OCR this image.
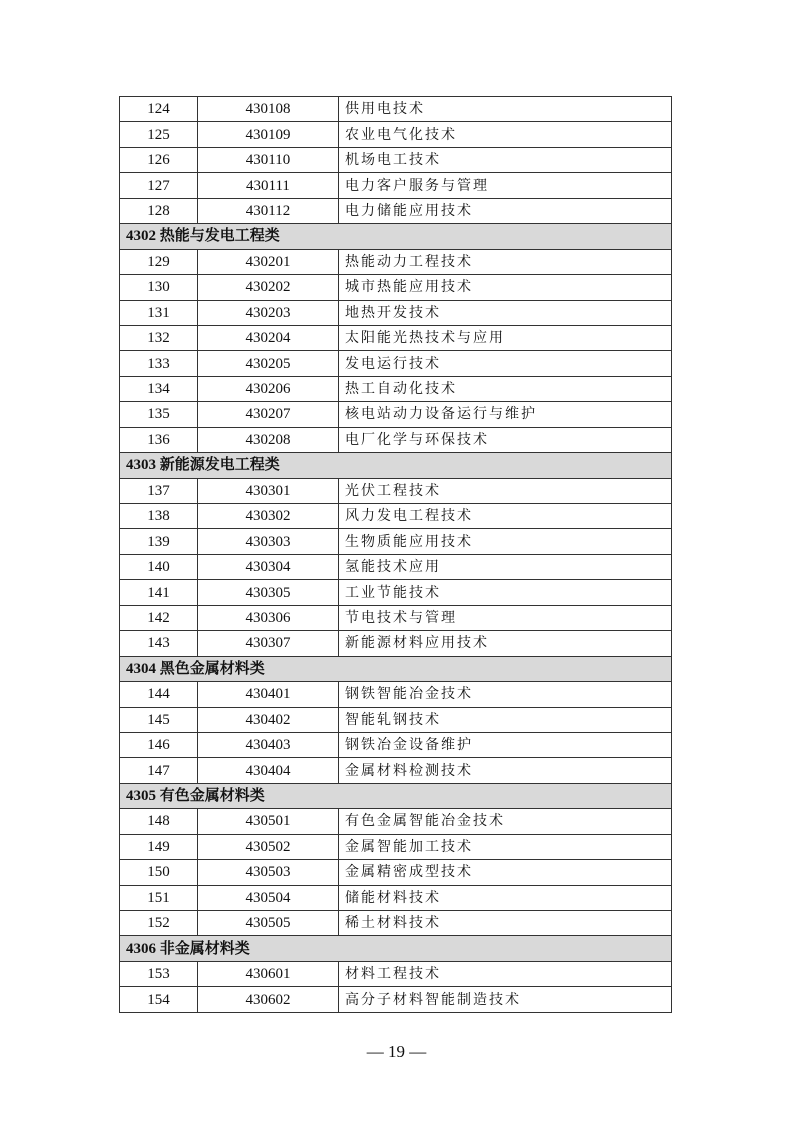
124	430108	供用电技术
125	430109	农业电气化技术
126	430110	机场电工技术
127	430111	电力客户服务与管理
128	430112	电力储能应用技术
4302 热能与发电工程类		
129	430201	热能动力工程技术
130	430202	城市热能应用技术
131	430203	地热开发技术
132	430204	太阳能光热技术与应用
133	430205	发电运行技术
134	430206	热工自动化技术
135	430207	核电站动力设备运行与维护
136	430208	电厂化学与环保技术
4303 新能源发电工程类		
137	430301	光伏工程技术
138	430302	风力发电工程技术
139	430303	生物质能应用技术
140	430304	氢能技术应用
141	430305	工业节能技术
142	430306	节电技术与管理
143	430307	新能源材料应用技术
4304 黑色金属材料类		
144	430401	钢铁智能冶金技术
145	430402	智能轧钢技术
146	430403	钢铁冶金设备维护
147	430404	金属材料检测技术
4305 有色金属材料类		
148	430501	有色金属智能冶金技术
149	430502	金属智能加工技术
150	430503	金属精密成型技术
151	430504	储能材料技术
152	430505	稀土材料技术
4306 非金属材料类		
153	430601	材料工程技术
154	430602	高分子材料智能制造技术
— 19 —
